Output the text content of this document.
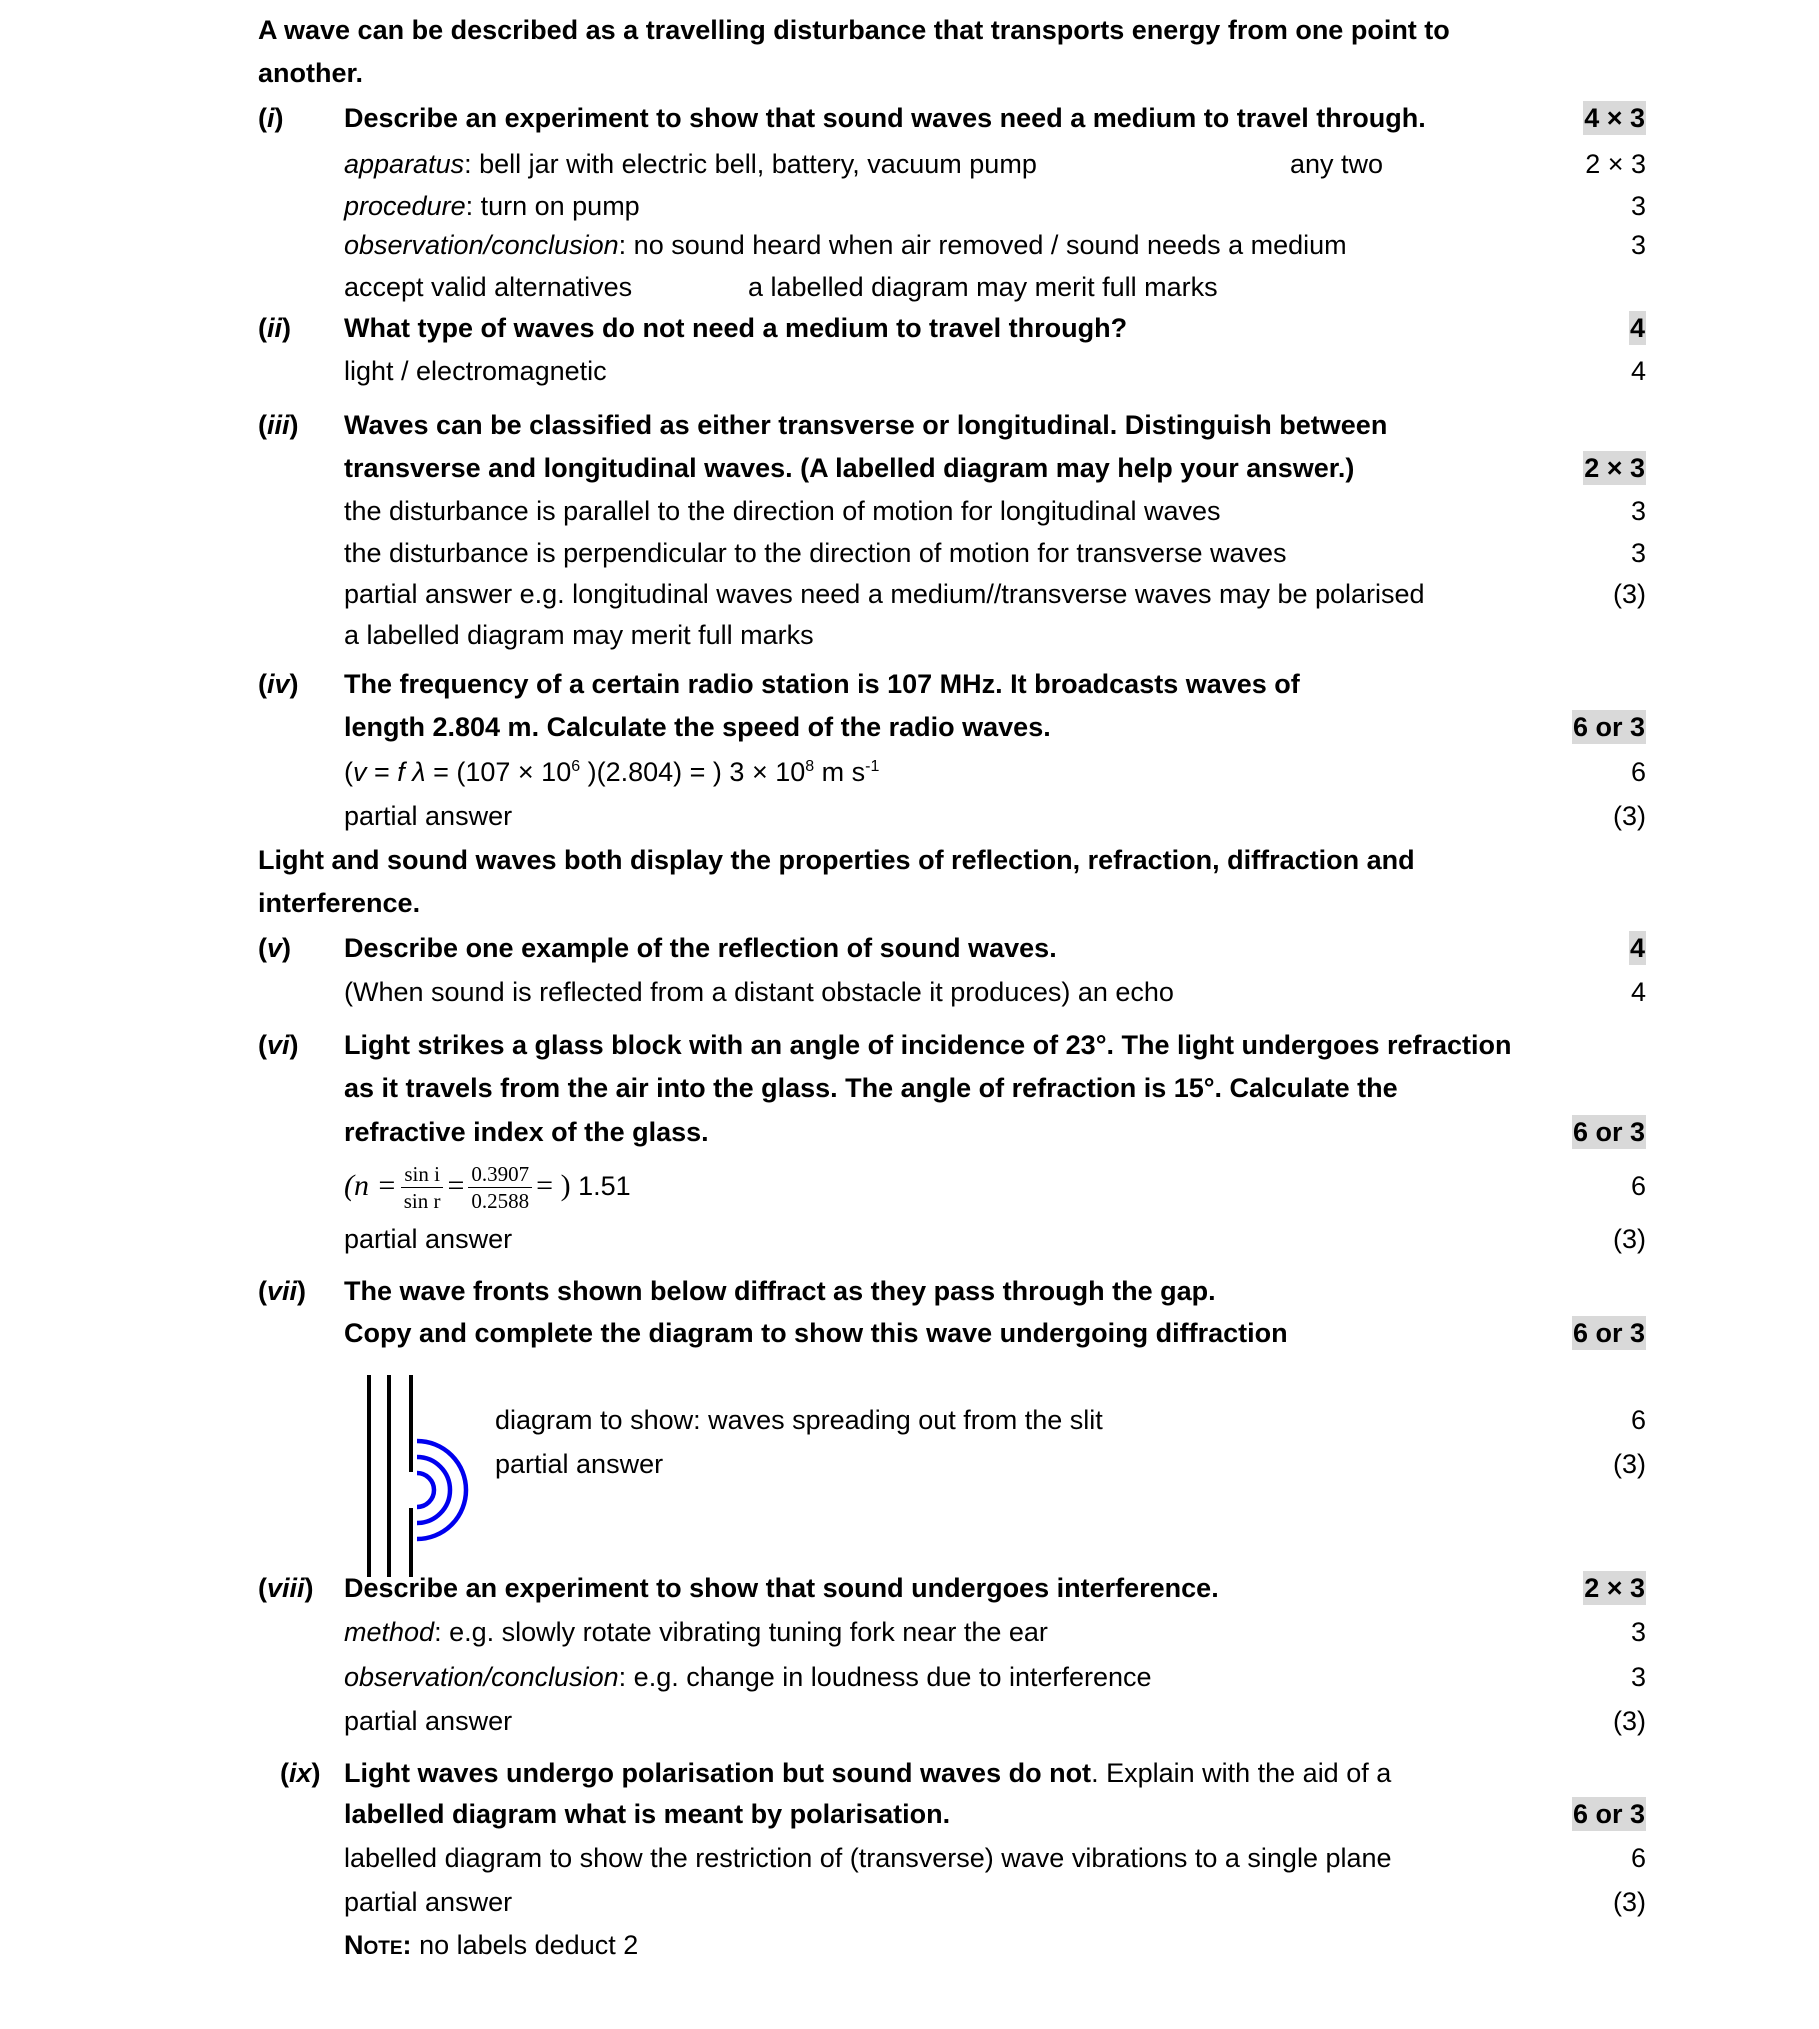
A wave can be described as a travelling disturbance that transports energy from one point to
another.
(i) Describe an experiment to show that sound waves need a medium to travel through.	4 × 3
apparatus: bell jar with electric bell, battery, vacuum pump	any two	2 × 3
procedure: turn on pump	3
observation/conclusion: no sound heard when air removed / sound needs a medium	3
accept valid alternatives	a labelled diagram may merit full marks
(ii) What type of waves do not need a medium to travel through?	4
light / electromagnetic	4
(iii) Waves can be classified as either transverse or longitudinal. Distinguish between
transverse and longitudinal waves. (A labelled diagram may help your answer.)	2 × 3
the disturbance is parallel to the direction of motion for longitudinal waves	3
the disturbance is perpendicular to the direction of motion for transverse waves	3
partial answer e.g. longitudinal waves need a medium//transverse waves may be polarised	(3)
a labelled diagram may merit full marks
(iv) The frequency of a certain radio station is 107 MHz. It broadcasts waves of
length 2.804 m. Calculate the speed of the radio waves.	6 or 3
(v = f $\lambda = (107 \times 10^6$ )(2.804) = ) $3 \times 10^8$ m $s^{-1}$	6
partial answer	(3)
Light and sound waves both display the properties of reflection, refraction, diffraction and
interference.
(v) Describe one example of the reflection of sound waves.	4
(When sound is reflected from a distant obstacle it produces) an echo	4
(vi) Light strikes a glass block with an angle of incidence of 23°. The light undergoes refraction
as it travels from the air into the glass. The angle of refraction is 15°. Calculate the
refractive index of the glass.	6 or 3
($n = \frac{\text{sin i}}{\text{sin r}} = \frac{0.3907}{0.2588}$ = ) 1.51	6
partial answer	(3)
(vii) The wave fronts shown below diffract as they pass through the gap.
Copy and complete the diagram to show this wave undergoing diffraction	6 or 3
diagram to show: waves spreading out from the slit	6
partial answer	(3)
(viii) Describe an experiment to show that sound undergoes interference.	2 × 3
method: e.g. slowly rotate vibrating tuning fork near the ear	3
observation/conclusion: e.g. change in loudness due to interference	3
partial answer	(3)
(ix) Light waves undergo polarisation but sound waves do not. Explain with the aid of a
labelled diagram what is meant by polarisation.	6 or 3
labelled diagram to show the restriction of (transverse) wave vibrations to a single plane	6
partial answer	(3)
Note: no labels deduct 2
